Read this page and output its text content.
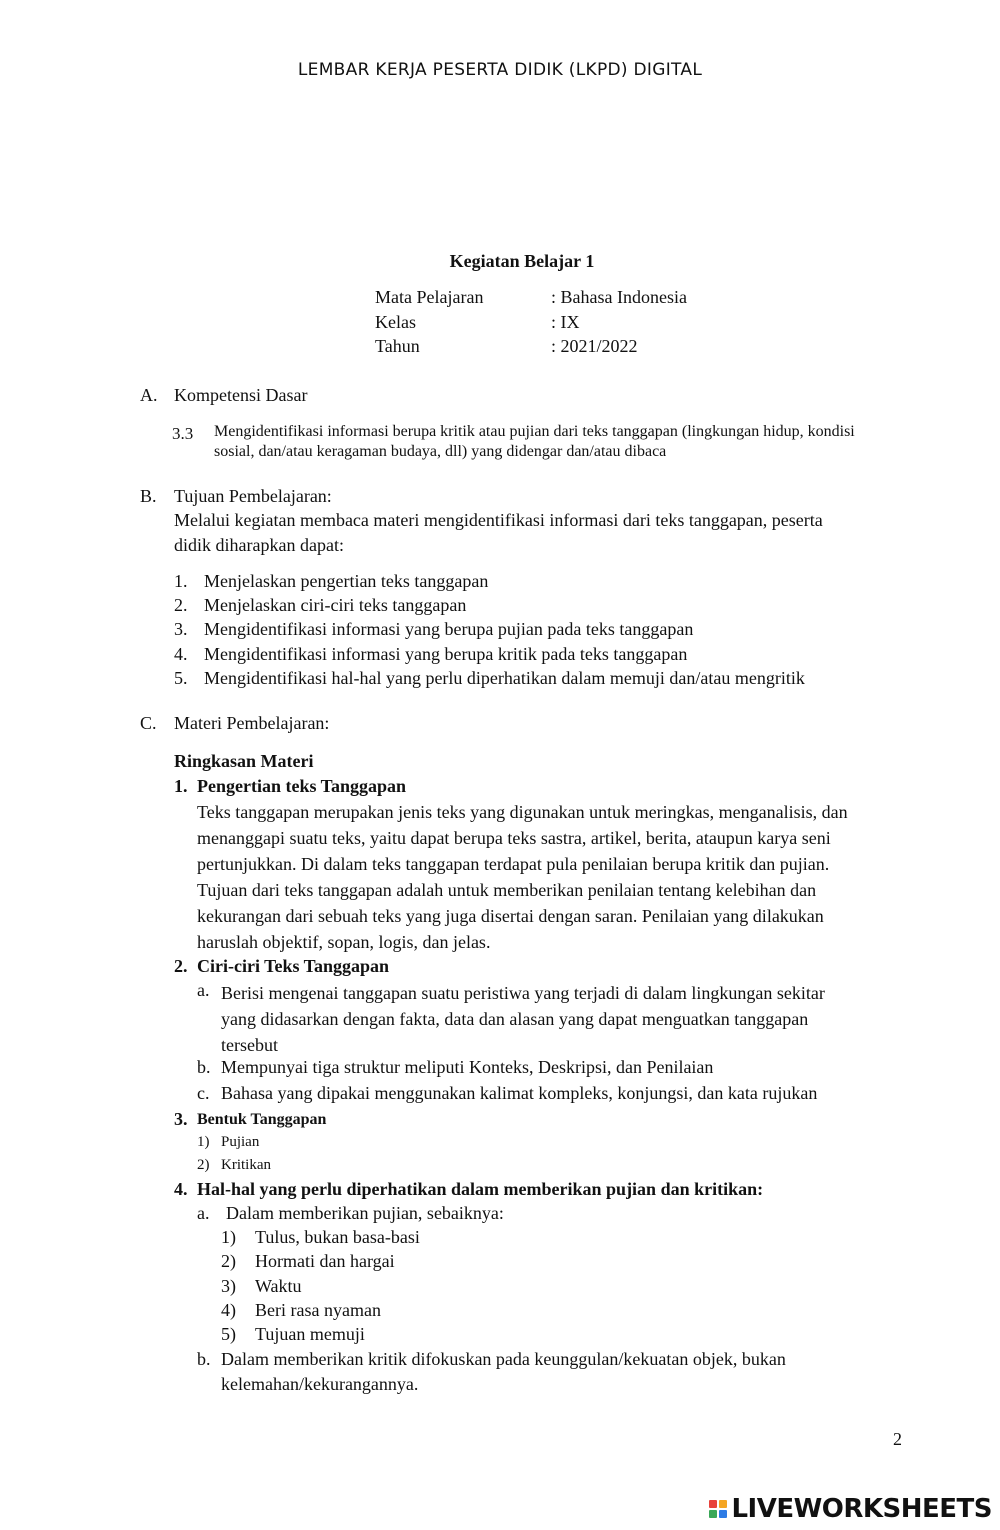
LEMBAR KERJA PESERTA DIDIK (LKPD) DIGITAL
Kegiatan Belajar 1
Mata Pelajaran	: Bahasa Indonesia
Kelas	: IX
Tahun	: 2021/2022
A. Kompetensi Dasar
3.3 Mengidentifikasi informasi berupa kritik atau pujian dari teks tanggapan (lingkungan hidup, kondisi
sosial, dan/atau keragaman budaya, dll) yang didengar dan/atau dibaca
B. Tujuan Pembelajaran:
Melalui kegiatan membaca materi mengidentifikasi informasi dari teks tanggapan, peserta
didik diharapkan dapat:
1. Menjelaskan pengertian teks tanggapan
2. Menjelaskan ciri-ciri teks tanggapan
3. Mengidentifikasi informasi yang berupa pujian pada teks tanggapan
4. Mengidentifikasi informasi yang berupa kritik pada teks tanggapan
5. Mengidentifikasi hal-hal yang perlu diperhatikan dalam memuji dan/atau mengritik
C. Materi Pembelajaran:
Ringkasan Materi
1. Pengertian teks Tanggapan
Teks tanggapan merupakan jenis teks yang digunakan untuk meringkas, menganalisis, dan
menanggapi suatu teks, yaitu dapat berupa teks sastra, artikel, berita, ataupun karya seni
pertunjukkan. Di dalam teks tanggapan terdapat pula penilaian berupa kritik dan pujian.
Tujuan dari teks tanggapan adalah untuk memberikan penilaian tentang kelebihan dan
kekurangan dari sebuah teks yang juga disertai dengan saran. Penilaian yang dilakukan
haruslah objektif, sopan, logis, dan jelas.
2. Ciri-ciri Teks Tanggapan
a. Berisi mengenai tanggapan suatu peristiwa yang terjadi di dalam lingkungan sekitar
yang didasarkan dengan fakta, data dan alasan yang dapat menguatkan tanggapan
tersebut
b. Mempunyai tiga struktur meliputi Konteks, Deskripsi, dan Penilaian
c. Bahasa yang dipakai menggunakan kalimat kompleks, konjungsi, dan kata rujukan
3. Bentuk Tanggapan
1) Pujian
2) Kritikan
4. Hal-hal yang perlu diperhatikan dalam memberikan pujian dan kritikan:
a. Dalam memberikan pujian, sebaiknya:
1) Tulus, bukan basa-basi
2) Hormati dan hargai
3) Waktu
4) Beri rasa nyaman
5) Tujuan memuji
b. Dalam memberikan kritik difokuskan pada keunggulan/kekuatan objek, bukan
kelemahan/kekurangannya.
2
LIVEWORKSHEETS
